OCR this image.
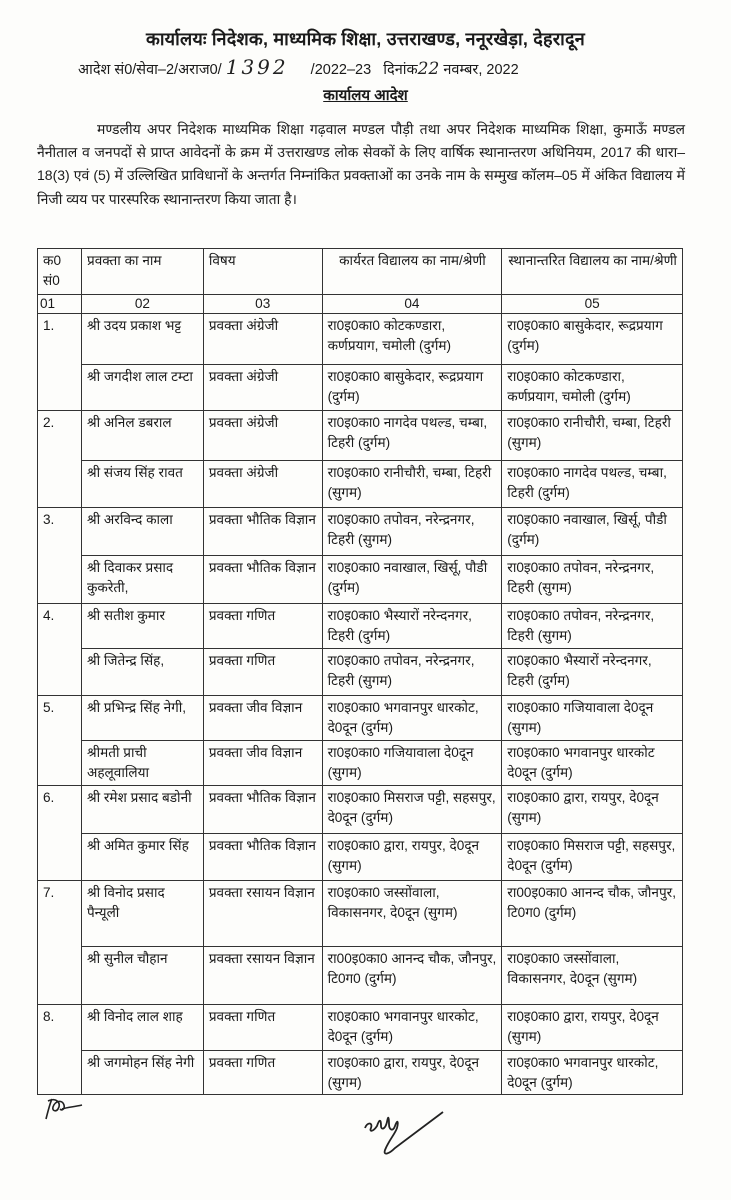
कार्यालयः निदेशक, माध्यमिक शिक्षा, उत्तराखण्ड, ननूरखेड़ा, देहरादून
आदेश सं0/सेवा–2/अराज0/ 1392 /2022–23 दिनांक22 नवम्बर, 2022
कार्यालय आदेश
मण्डलीय अपर निदेशक माध्यमिक शिक्षा गढ़वाल मण्डल पौड़ी तथा अपर निदेशक माध्यमिक शिक्षा, कुमाऊँ मण्डल नैनीताल व जनपदों से प्राप्त आवेदनों के क्रम में उत्तराखण्ड लोक सेवकों के लिए वार्षिक स्थानान्तरण अधिनियम, 2017 की धारा–18(3) एवं (5) में उल्लिखित प्राविधानों के अन्तर्गत निम्नांकित प्रवक्ताओं का उनके नाम के सम्मुख कॉलम–05 में अंकित विद्यालय में निजी व्यय पर पारस्परिक स्थानान्तरण किया जाता है।
क0 सं0	प्रवक्ता का नाम	विषय	कार्यरत विद्यालय का नाम/श्रेणी	स्थानान्तरित विद्यालय का नाम/श्रेणी
01	02	03	04	05
1.	श्री उदय प्रकाश भट्ट	प्रवक्ता अंग्रेजी	रा0इ0का0 कोटकण्डारा, कर्णप्रयाग, चमोली (दुर्गम)	रा0इ0का0 बासुकेदार, रूद्रप्रयाग (दुर्गम)
	श्री जगदीश लाल टम्टा	प्रवक्ता अंग्रेजी	रा0इ0का0 बासुकेदार, रूद्रप्रयाग (दुर्गम)	रा0इ0का0 कोटकण्डारा, कर्णप्रयाग, चमोली (दुर्गम)
2.	श्री अनिल डबराल	प्रवक्ता अंग्रेजी	रा0इ0का0 नागदेव पथल्ड, चम्बा, टिहरी (दुर्गम)	रा0इ0का0 रानीचौरी, चम्बा, टिहरी (सुगम)
	श्री संजय सिंह रावत	प्रवक्ता अंग्रेजी	रा0इ0का0 रानीचौरी, चम्बा, टिहरी (सुगम)	रा0इ0का0 नागदेव पथल्ड, चम्बा, टिहरी (दुर्गम)
3.	श्री अरविन्द काला	प्रवक्ता भौतिक विज्ञान	रा0इ0का0 तपोवन, नरेन्द्रनगर, टिहरी (सुगम)	रा0इ0का0 नवाखाल, खिर्सू, पौडी (दुर्गम)
	श्री दिवाकर प्रसाद कुकरेती,	प्रवक्ता भौतिक विज्ञान	रा0इ0का0 नवाखाल, खिर्सू, पौडी (दुर्गम)	रा0इ0का0 तपोवन, नरेन्द्रनगर, टिहरी (सुगम)
4.	श्री सतीश कुमार	प्रवक्ता गणित	रा0इ0का0 भैस्यारों नरेन्दनगर, टिहरी (दुर्गम)	रा0इ0का0 तपोवन, नरेन्द्रनगर, टिहरी (सुगम)
	श्री जितेन्द्र सिंह,	प्रवक्ता गणित	रा0इ0का0 तपोवन, नरेन्द्रनगर, टिहरी (सुगम)	रा0इ0का0 भैस्यारों नरेन्दनगर, टिहरी (दुर्गम)
5.	श्री प्रभिन्द्र सिंह नेगी,	प्रवक्ता जीव विज्ञान	रा0इ0का0 भगवानपुर धारकोट, दे0दून (दुर्गम)	रा0इ0का0 गजियावाला दे0दून (सुगम)
	श्रीमती प्राची अहलूवालिया	प्रवक्ता जीव विज्ञान	रा0इ0का0 गजियावाला दे0दून (सुगम)	रा0इ0का0 भगवानपुर धारकोट दे0दून (दुर्गम)
6.	श्री रमेश प्रसाद बडोनी	प्रवक्ता भौतिक विज्ञान	रा0इ0का0 मिसराज पट्टी, सहसपुर, दे0दून (दुर्गम)	रा0इ0का0 द्वारा, रायपुर, दे0दून (सुगम)
	श्री अमित कुमार सिंह	प्रवक्ता भौतिक विज्ञान	रा0इ0का0 द्वारा, रायपुर, दे0दून (सुगम)	रा0इ0का0 मिसराज पट्टी, सहसपुर, दे0दून (दुर्गम)
7.	श्री विनोद प्रसाद पैन्यूली	प्रवक्ता रसायन विज्ञान	रा0इ0का0 जस्सोंवाला, विकासनगर, दे0दून (सुगम)	रा00इ0का0 आनन्द चौक, जौनपुर, टि0ग0 (दुर्गम)
	श्री सुनील चौहान	प्रवक्ता रसायन विज्ञान	रा00इ0का0 आनन्द चौक, जौनपुर, टि0ग0 (दुर्गम)	रा0इ0का0 जस्सोंवाला, विकासनगर, दे0दून (सुगम)
8.	श्री विनोद लाल शाह	प्रवक्ता गणित	रा0इ0का0 भगवानपुर धारकोट, दे0दून (दुर्गम)	रा0इ0का0 द्वारा, रायपुर, दे0दून (सुगम)
	श्री जगमोहन सिंह नेगी	प्रवक्ता गणित	रा0इ0का0 द्वारा, रायपुर, दे0दून (सुगम)	रा0इ0का0 भगवानपुर धारकोट, दे0दून (दुर्गम)
